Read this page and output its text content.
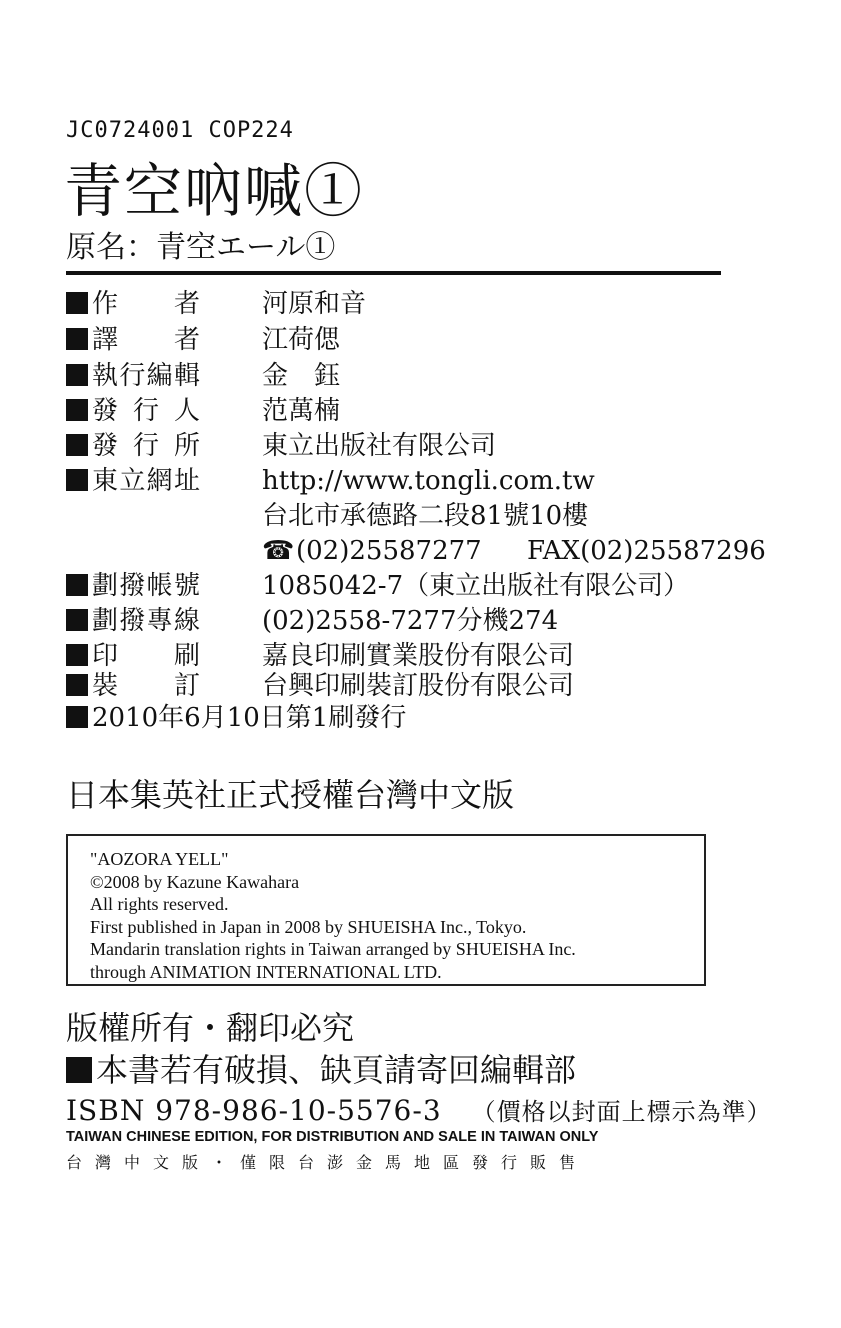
JC0724001 COP224
青空吶喊①
原名：青空エール①
作　者 河原和音
譯　者 江荷偲
執行編輯 金　鈺
發行人 范萬楠
發行所 東立出版社有限公司
東立網址 http://www.tongli.com.tw
台北市承德路二段81號10樓
☎(02)25587277 FAX(02)25587296
劃撥帳號 1085042-7（東立出版社有限公司）
劃撥專線 (02)2558-7277分機274
印　刷 嘉良印刷實業股份有限公司
裝　訂 台興印刷裝訂股份有限公司
2010年6月10日第1刷發行
日本集英社正式授權台灣中文版
"AOZORA YELL"
©2008 by Kazune Kawahara
All rights reserved.
First published in Japan in 2008 by SHUEISHA Inc., Tokyo.
Mandarin translation rights in Taiwan arranged by SHUEISHA Inc.
through ANIMATION INTERNATIONAL LTD.
版權所有・翻印必究
本書若有破損、缺頁請寄回編輯部
ISBN 978-986-10-5576-3 （價格以封面上標示為準）
TAIWAN CHINESE EDITION, FOR DISTRIBUTION AND SALE IN TAIWAN ONLY
台灣中文版・僅限台澎金馬地區發行販售
